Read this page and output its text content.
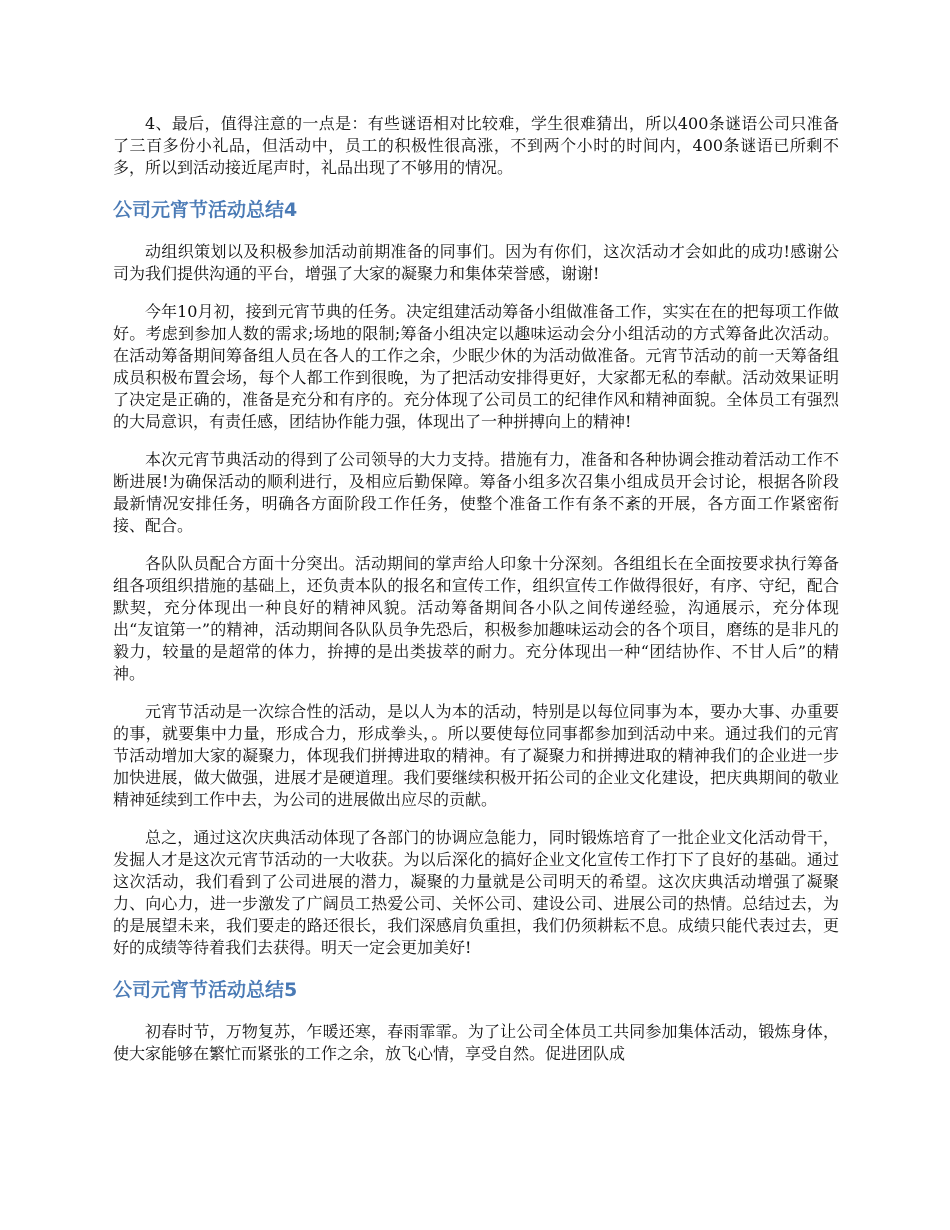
4、最后，值得注意的一点是：有些谜语相对比较难，学生很难猜出，所以400条谜语公司只准备了三百多份小礼品，但活动中，员工的积极性很高涨，不到两个小时的时间内，400条谜语已所剩不多，所以到活动接近尾声时，礼品出现了不够用的情况。

公司元宵节活动总结4

动组织策划以及积极参加活动前期准备的同事们。因为有你们，这次活动才会如此的成功!感谢公司为我们提供沟通的平台，增强了大家的凝聚力和集体荣誉感，谢谢!

今年10月初，接到元宵节典的任务。决定组建活动筹备小组做准备工作，实实在在的把每项工作做好。考虑到参加人数的需求;场地的限制;筹备小组决定以趣味运动会分小组活动的方式筹备此次活动。在活动筹备期间筹备组人员在各人的工作之余，少眠少休的为活动做准备。元宵节活动的前一天筹备组成员积极布置会场，每个人都工作到很晚，为了把活动安排得更好，大家都无私的奉献。活动效果证明了决定是正确的，准备是充分和有序的。充分体现了公司员工的纪律作风和精神面貌。全体员工有强烈的大局意识，有责任感，团结协作能力强，体现出了一种拼搏向上的精神!

本次元宵节典活动的得到了公司领导的大力支持。措施有力，准备和各种协调会推动着活动工作不断进展!为确保活动的顺利进行，及相应后勤保障。筹备小组多次召集小组成员开会讨论，根据各阶段最新情况安排任务，明确各方面阶段工作任务，使整个准备工作有条不紊的开展，各方面工作紧密衔接、配合。

各队队员配合方面十分突出。活动期间的掌声给人印象十分深刻。各组组长在全面按要求执行筹备组各项组织措施的基础上，还负责本队的报名和宣传工作，组织宣传工作做得很好，有序、守纪，配合默契，充分体现出一种良好的精神风貌。活动筹备期间各小队之间传递经验，沟通展示，充分体现出“友谊第一”的精神，活动期间各队队员争先恐后，积极参加趣味运动会的各个项目，磨练的是非凡的毅力，较量的是超常的体力，拚搏的是出类拔萃的耐力。充分体现出一种“团结协作、不甘人后”的精神。

元宵节活动是一次综合性的活动，是以人为本的活动，特别是以每位同事为本，要办大事、办重要的事，就要集中力量，形成合力，形成拳头，。所以要使每位同事都参加到活动中来。通过我们的元宵节活动增加大家的凝聚力，体现我们拼搏进取的精神。有了凝聚力和拼搏进取的精神我们的企业进一步加快进展，做大做强，进展才是硬道理。我们要继续积极开拓公司的企业文化建设，把庆典期间的敬业精神延续到工作中去，为公司的进展做出应尽的贡献。

总之，通过这次庆典活动体现了各部门的协调应急能力，同时锻炼培育了一批企业文化活动骨干，发掘人才是这次元宵节活动的一大收获。为以后深化的搞好企业文化宣传工作打下了良好的基础。通过这次活动，我们看到了公司进展的潜力，凝聚的力量就是公司明天的希望。这次庆典活动增强了凝聚力、向心力，进一步激发了广阔员工热爱公司、关怀公司、建设公司、进展公司的热情。总结过去，为的是展望未来，我们要走的路还很长，我们深感肩负重担，我们仍须耕耘不息。成绩只能代表过去，更好的成绩等待着我们去获得。明天一定会更加美好!

公司元宵节活动总结5

初春时节，万物复苏，乍暖还寒，春雨霏霏。为了让公司全体员工共同参加集体活动，锻炼身体，使大家能够在繁忙而紧张的工作之余，放飞心情，享受自然。促进团队成
